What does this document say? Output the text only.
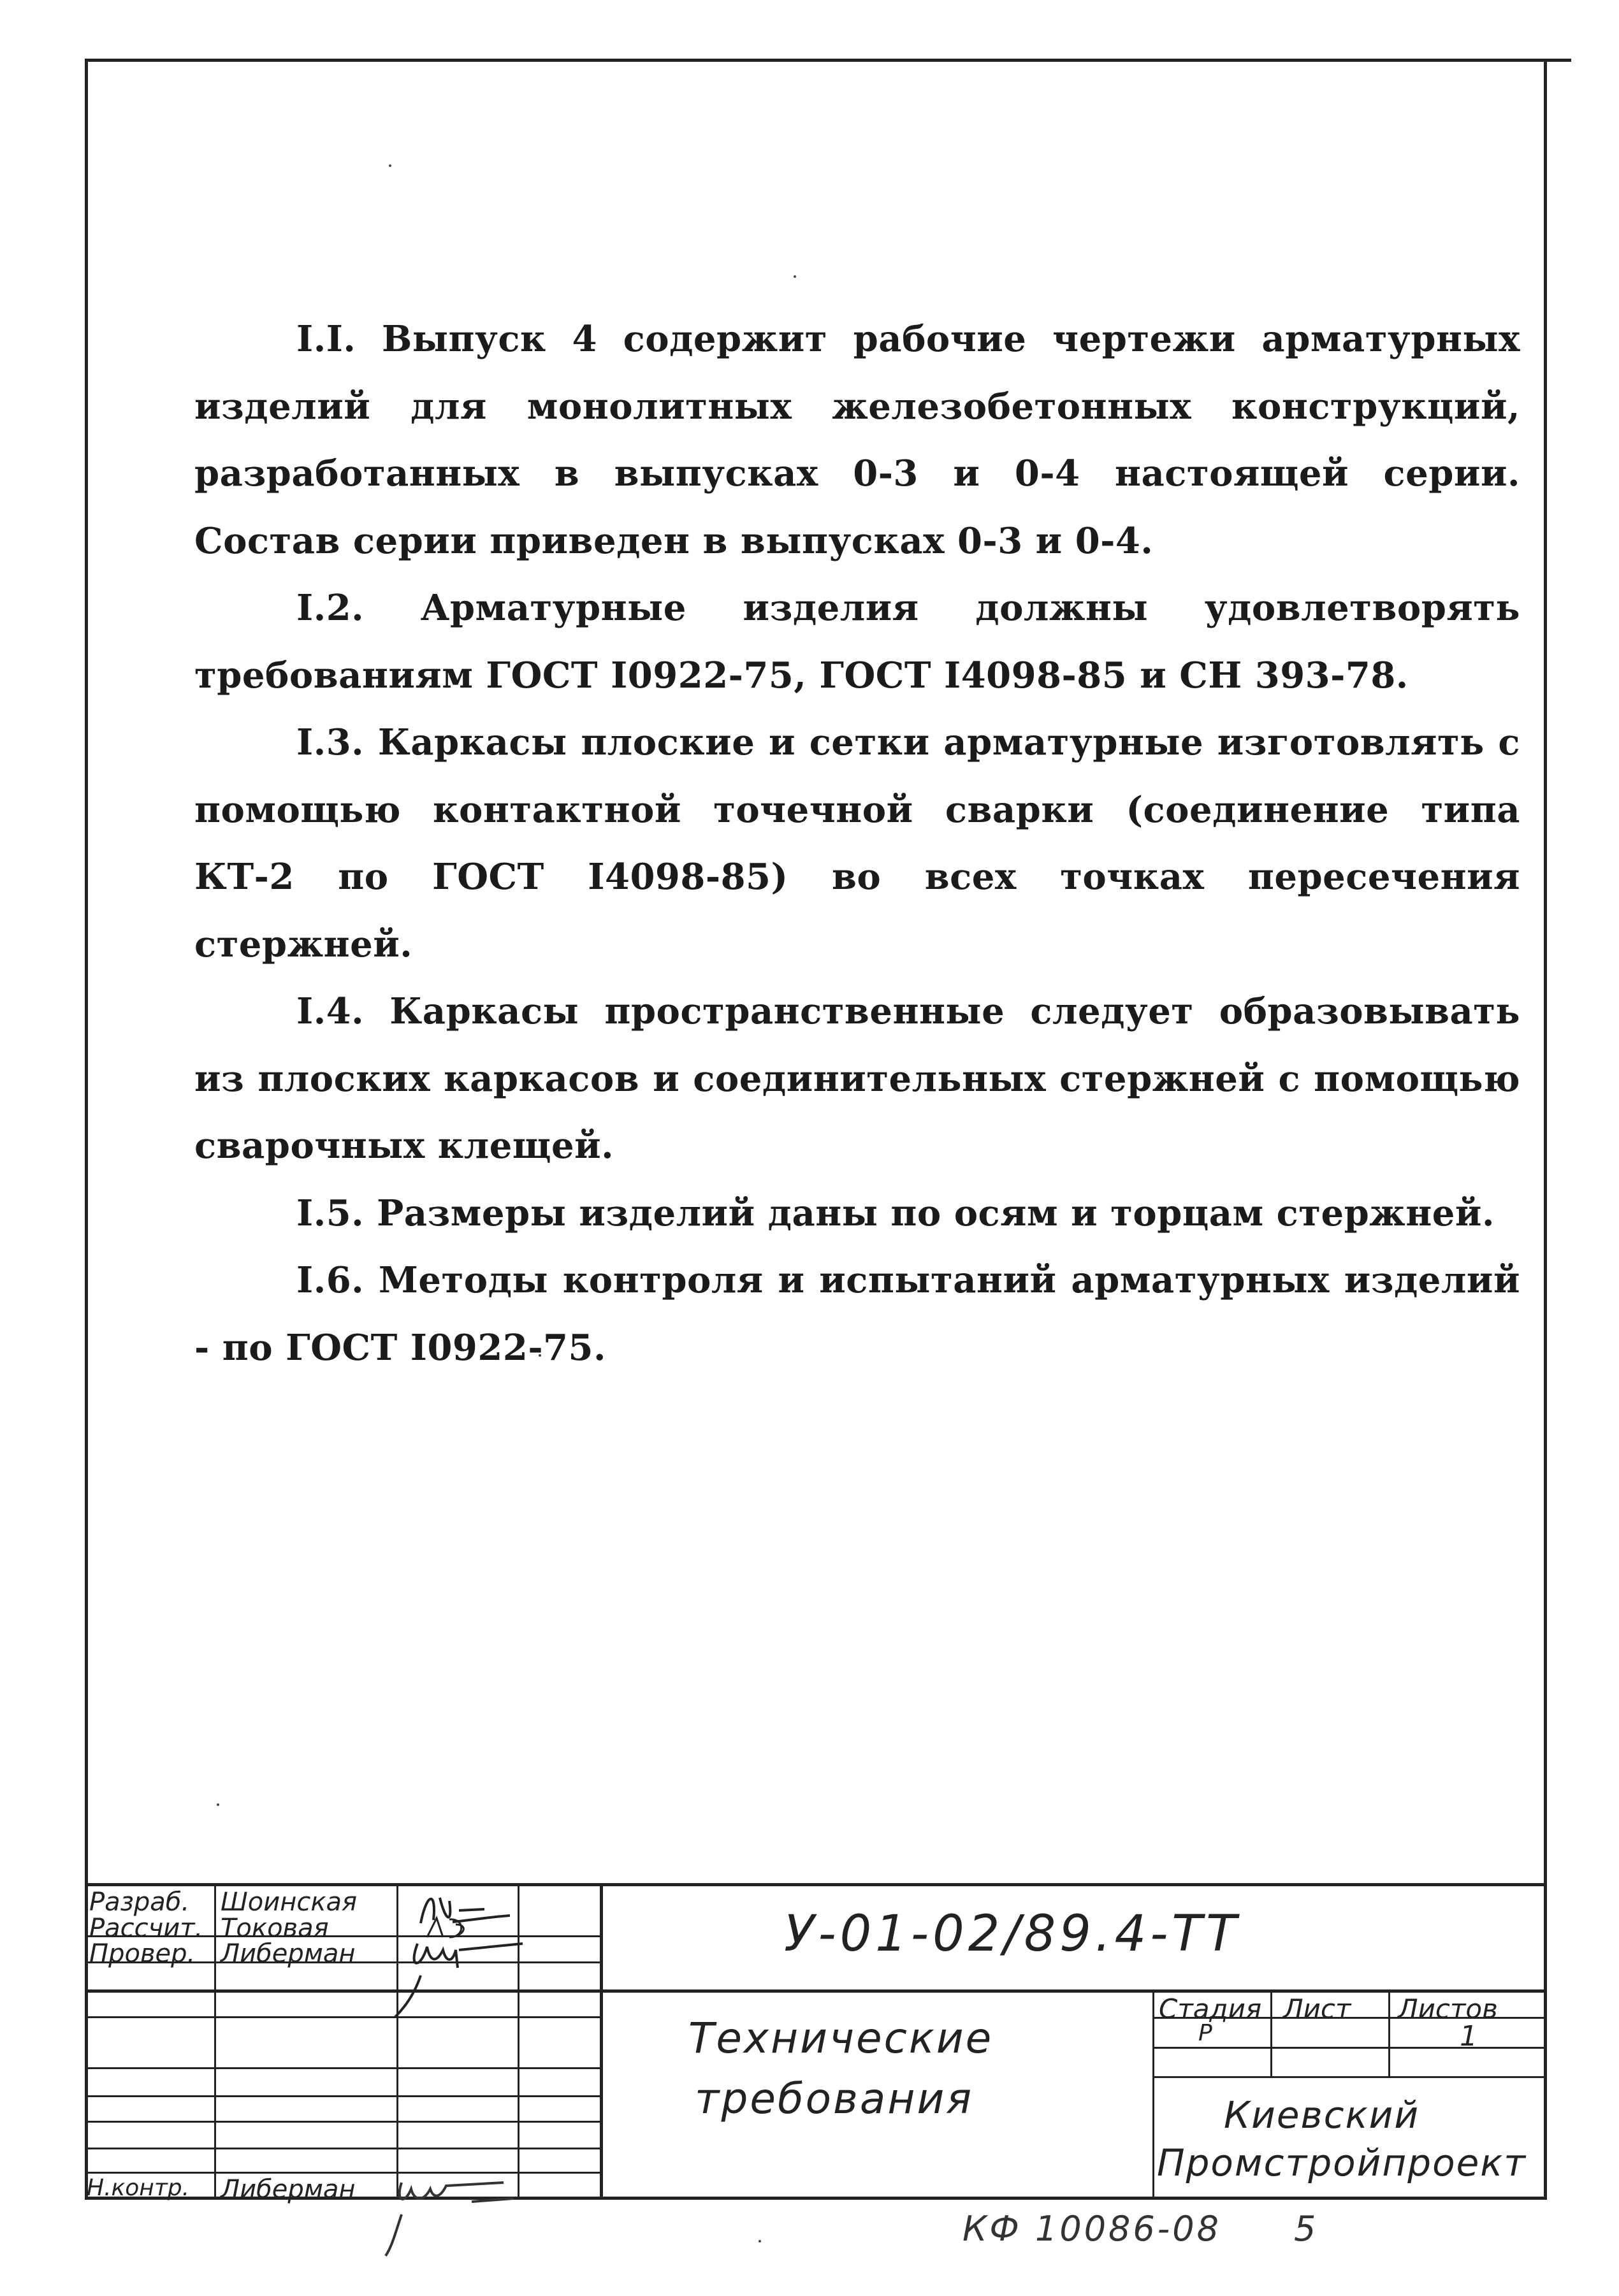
I.I. Выпуск 4 содержит рабочие чертежи арматурных изделий для монолитных железобетонных конструкций, разработанных в выпусках 0-3 и 0-4 настоящей серии. Состав серии приведен в выпусках 0-3 и 0-4.

I.2. Арматурные изделия должны удовлетворять требованиям ГОСТ I0922-75, ГОСТ I4098-85 и СН 393-78.

I.3. Каркасы плоские и сетки арматурные изготовлять с помощью контактной точечной сварки (соединение типа КТ-2 по ГОСТ I4098-85) во всех точках пересечения стержней.

I.4. Каркасы пространственные следует образовывать из плоских каркасов и соединительных стержней с помощью сварочных клещей.

I.5. Размеры изделий даны по осям и торцам стержней.

I.6. Методы контроля и испытаний арматурных изделий - по ГОСТ I0922-75.

Разраб.
Рассчит.
Провер.
Н.контр.
Шоинская
Токовая
Либерман
Либерман
У-01-02/89.4-ТТ
Технические
требования
Стадия Лист Листов
Р	1
Киевский
Промстройпроект
КФ 10086-08 5
